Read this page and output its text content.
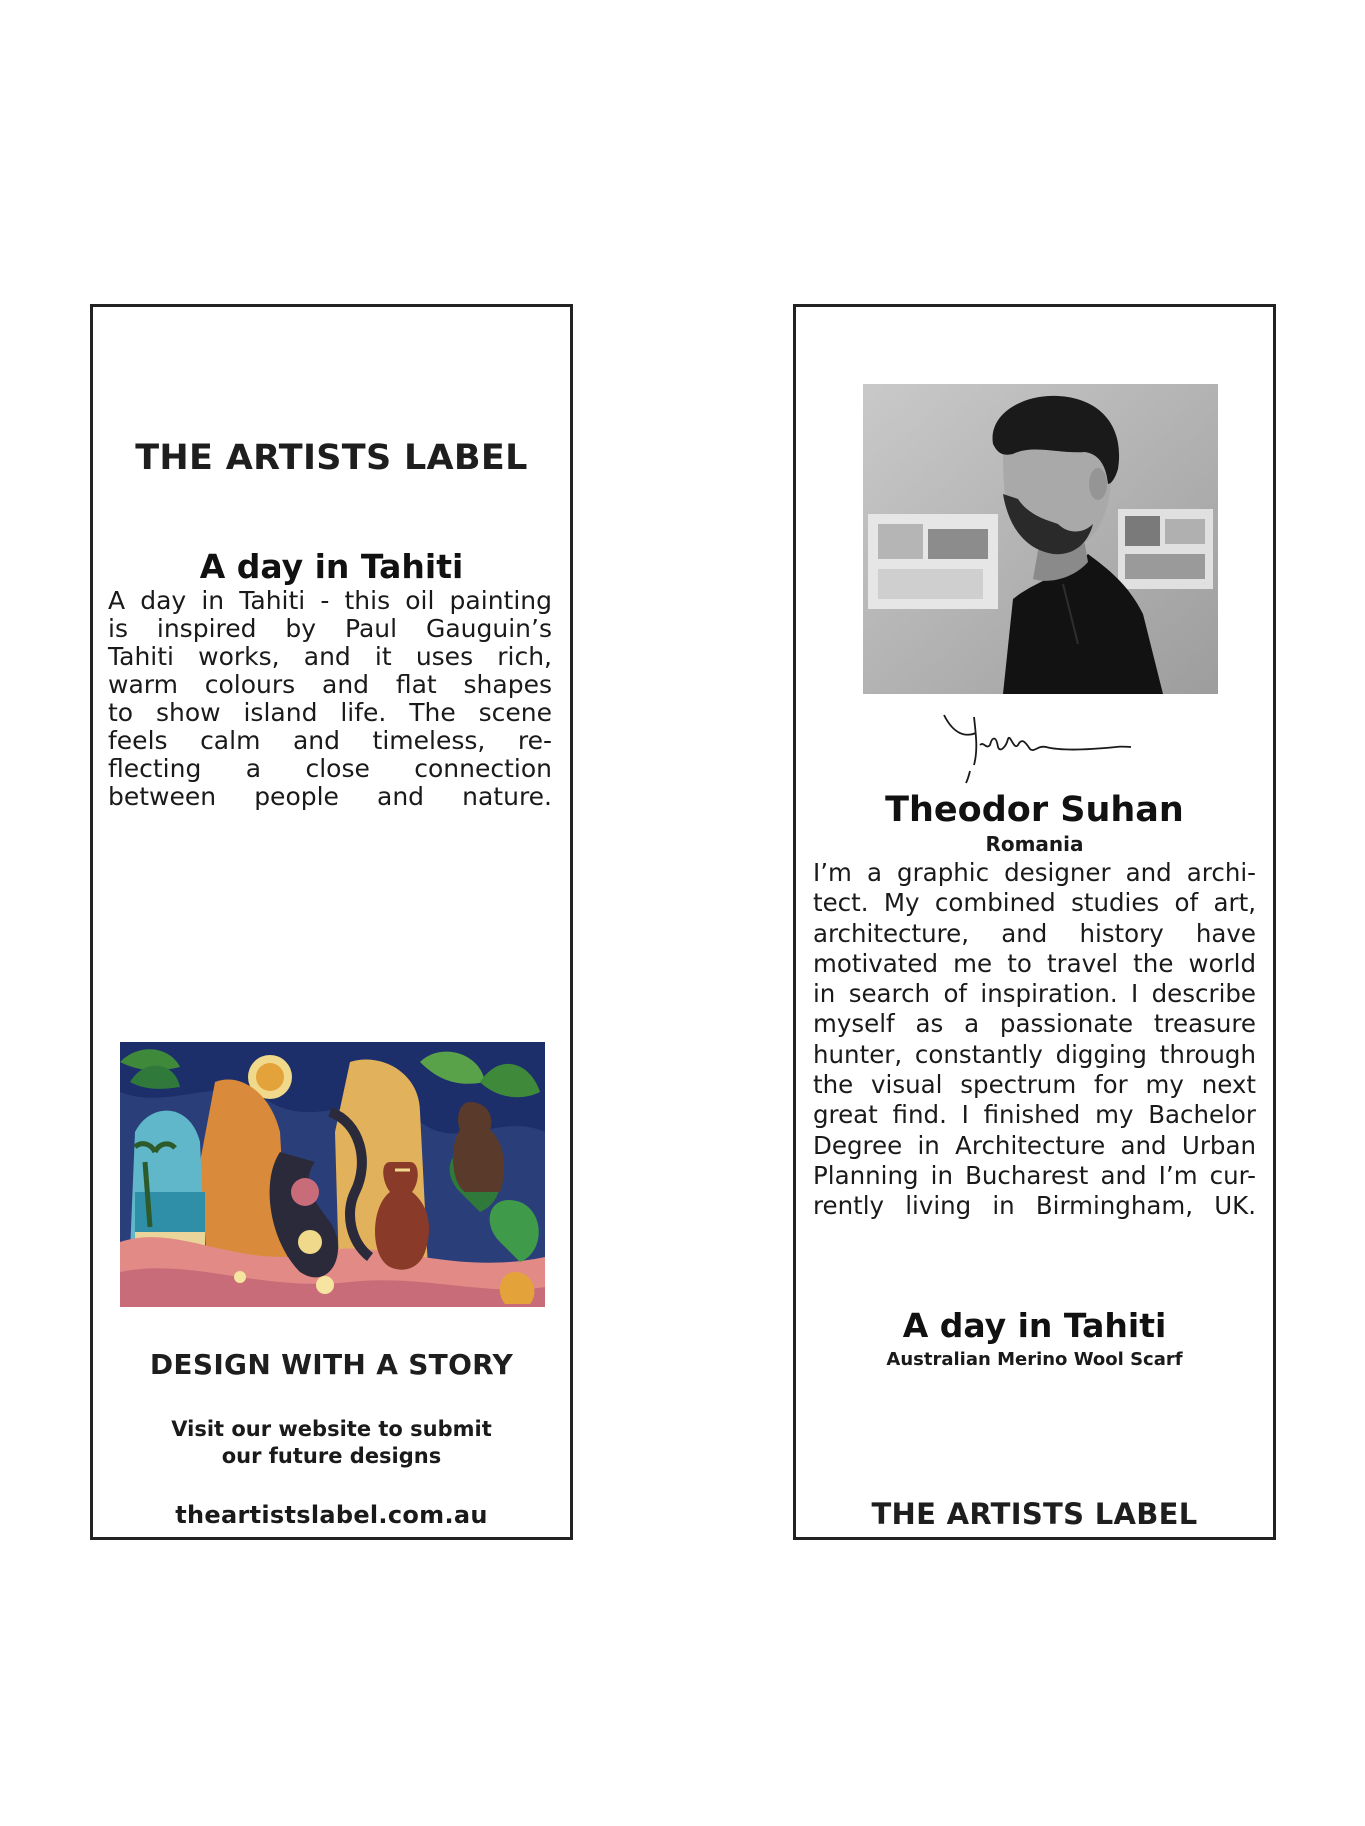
THE ARTISTS LABEL
A day in Tahiti
A day in Tahiti - this oil painting
is inspired by Paul Gauguin’s
Tahiti works, and it uses rich,
warm colours and flat shapes
to show island life. The scene
feels calm and timeless, re-
flecting a close connection
between people and nature.
DESIGN WITH A STORY
Visit our website to submit
our future designs
theartistslabel.com.au
Theodor Suhan
Romania
I’m a graphic designer and archi-
tect. My combined studies of art,
architecture, and history have
motivated me to travel the world
in search of inspiration. I describe
myself as a passionate treasure
hunter, constantly digging through
the visual spectrum for my next
great find. I finished my Bachelor
Degree in Architecture and Urban
Planning in Bucharest and I’m cur-
rently living in Birmingham, UK.
A day in Tahiti
Australian Merino Wool Scarf
THE ARTISTS LABEL
